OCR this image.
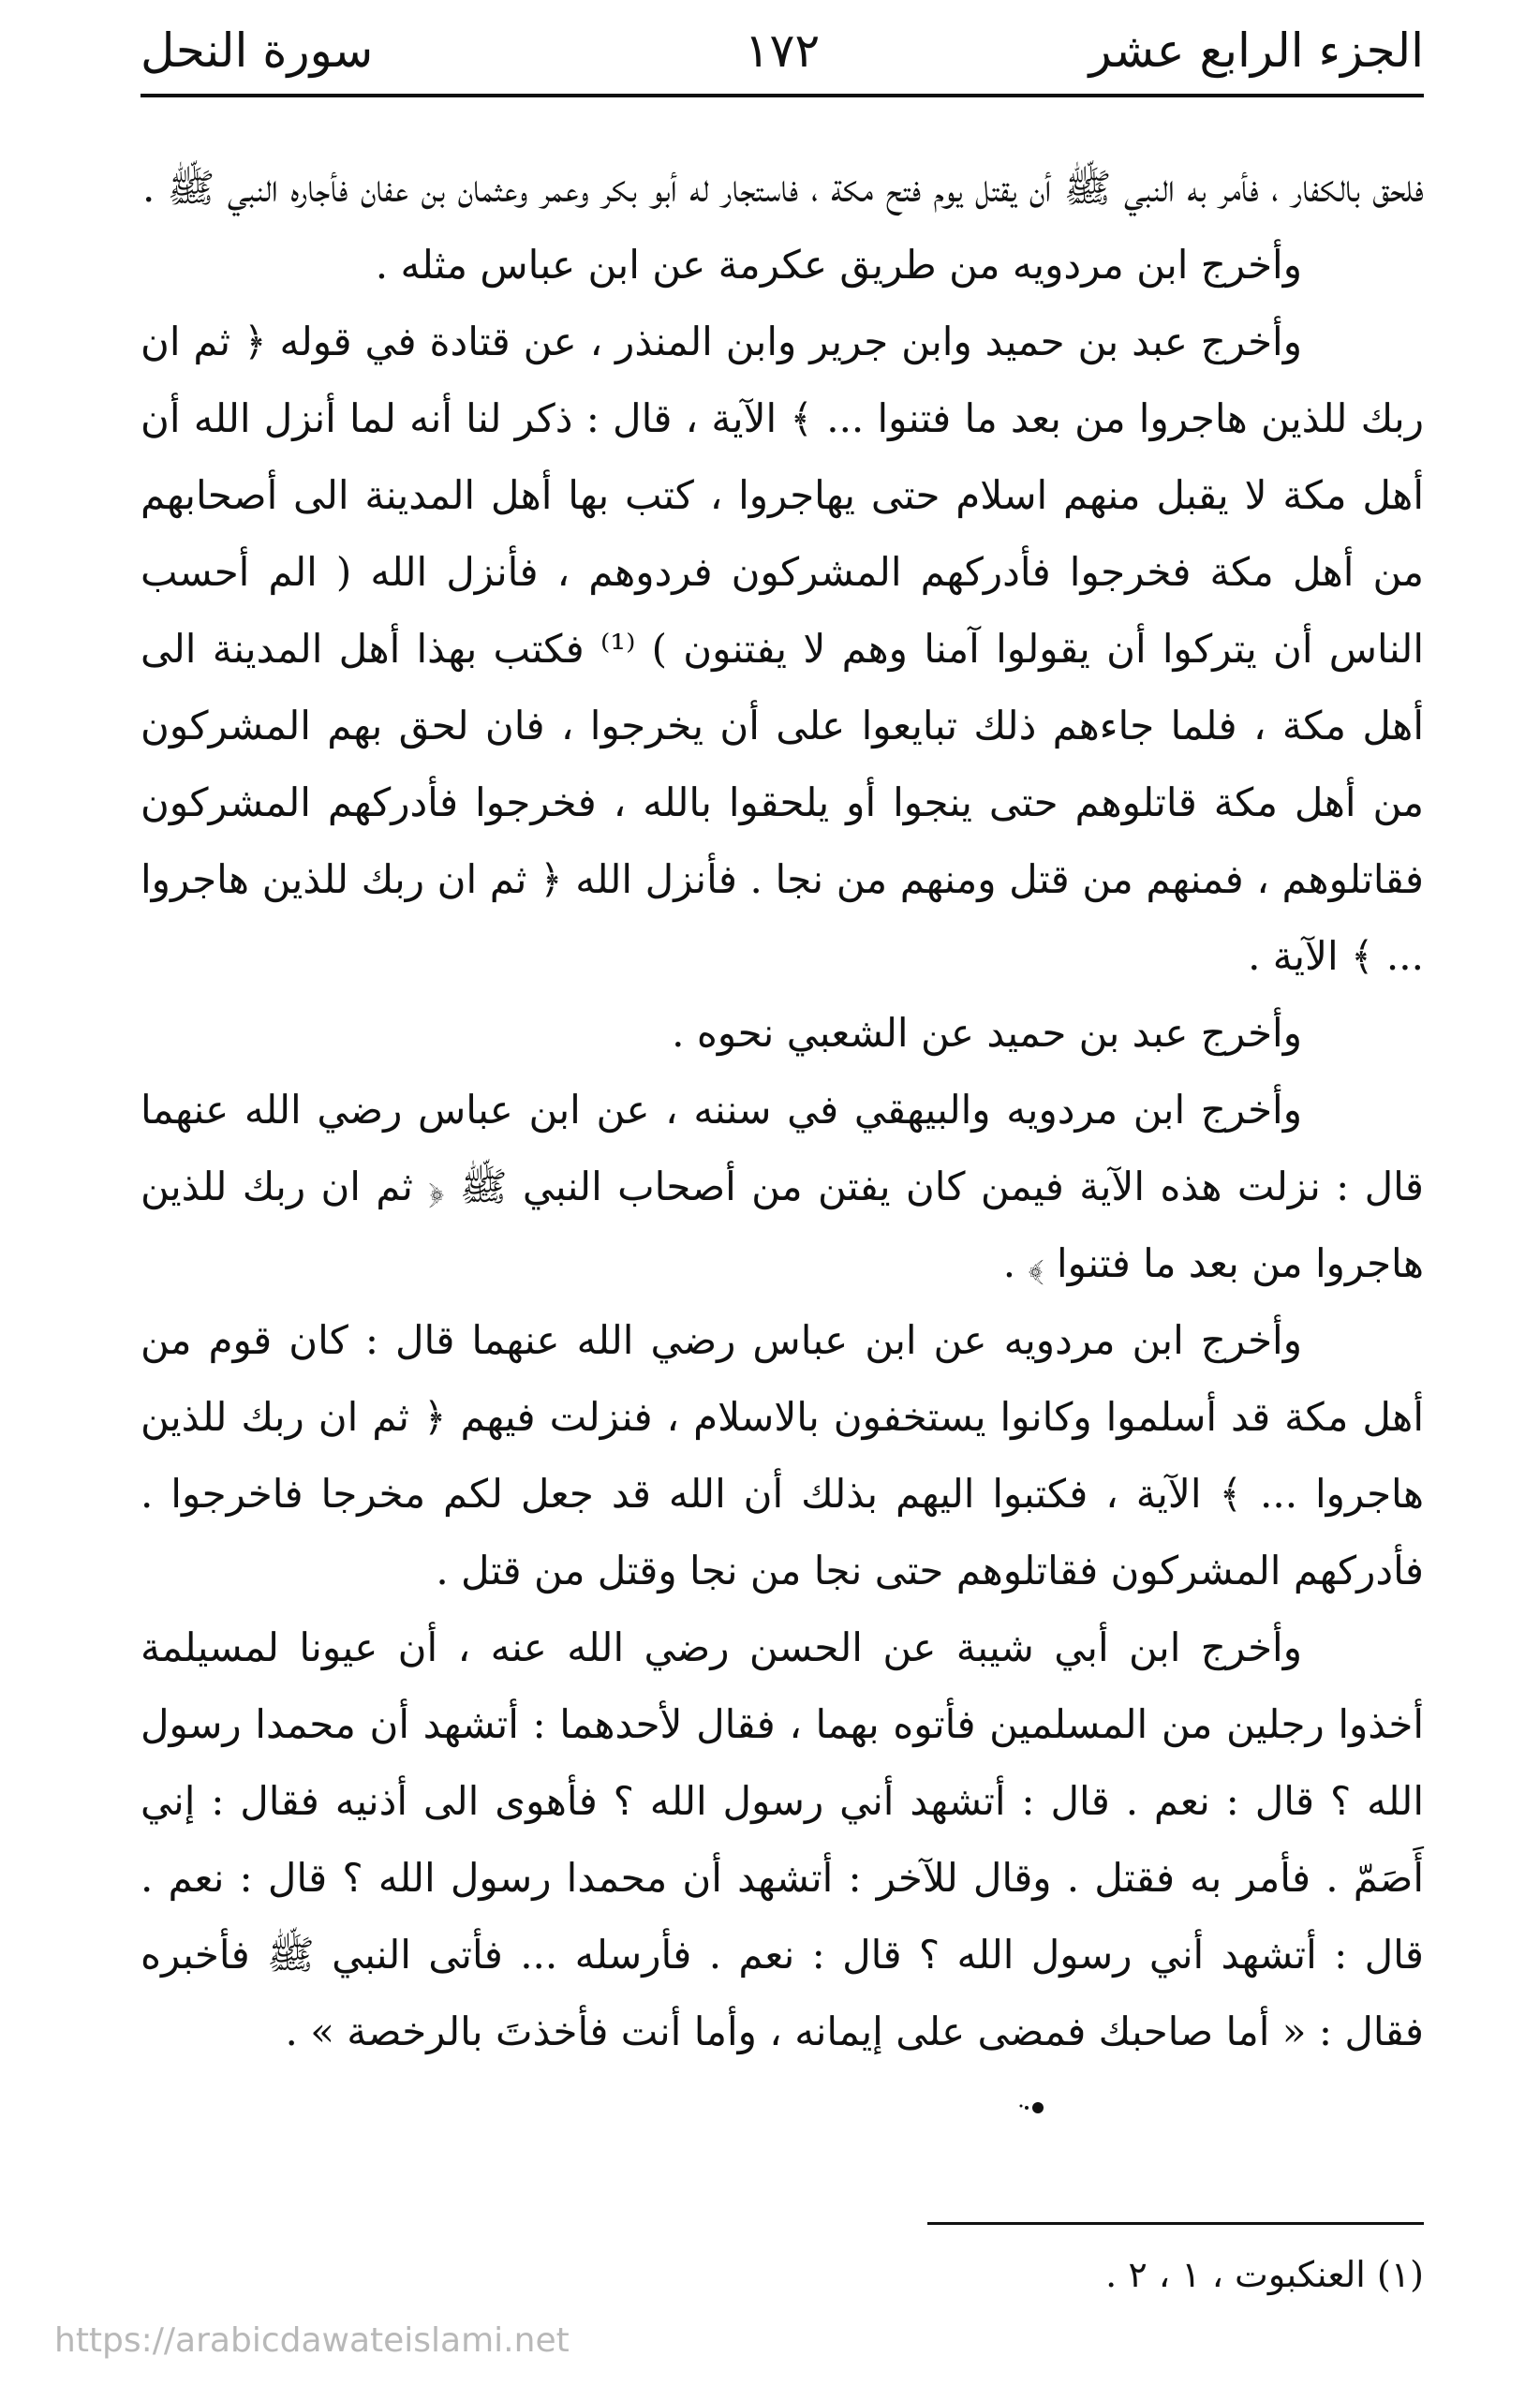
الجزء الرابع عشر
١٧٢
سورة النحل

فلحق بالكفار ، فأمر به النبي ﷺ أن يقتل يوم فتح مكة ، فاستجار له أبو بكر وعمر وعثمان بن عفان فأجاره النبي ﷺ .

وأخرج ابن مردويه من طريق عكرمة عن ابن عباس مثله .

وأخرج عبد بن حميد وابن جرير وابن المنذر ، عن قتادة في قوله ﴿ ثم ان ربك للذين هاجروا من بعد ما فتنوا ... ﴾ الآية ، قال : ذكر لنا أنه لما أنزل الله أن أهل مكة لا يقبل منهم اسلام حتى يهاجروا ، كتب بها أهل المدينة الى أصحابهم من أهل مكة فخرجوا فأدركهم المشركون فردوهم ، فأنزل الله ( الم أحسب الناس أن يتركوا أن يقولوا آمنا وهم لا يفتنون ) ⁽¹⁾ فكتب بهذا أهل المدينة الى أهل مكة ، فلما جاءهم ذلك تبايعوا على أن يخرجوا ، فان لحق بهم المشركون من أهل مكة قاتلوهم حتى ينجوا أو يلحقوا بالله ، فخرجوا فأدركهم المشركون فقاتلوهم ، فمنهم من قتل ومنهم من نجا . فأنزل الله ﴿ ثم ان ربك للذين هاجروا ... ﴾ الآية .

وأخرج عبد بن حميد عن الشعبي نحوه .

وأخرج ابن مردويه والبيهقي في سننه ، عن ابن عباس رضي الله عنهما قال : نزلت هذه الآية فيمن كان يفتن من أصحاب النبي ﷺ ﴿ ثم ان ربك للذين هاجروا من بعد ما فتنوا ﴾ .

وأخرج ابن مردويه عن ابن عباس رضي الله عنهما قال : كان قوم من أهل مكة قد أسلموا وكانوا يستخفون بالاسلام ، فنزلت فيهم ﴿ ثم ان ربك للذين هاجروا ... ﴾ الآية ، فكتبوا اليهم بذلك أن الله قد جعل لكم مخرجا فاخرجوا . فأدركهم المشركون فقاتلوهم حتى نجا من نجا وقتل من قتل .

وأخرج ابن أبي شيبة عن الحسن رضي الله عنه ، أن عيونا لمسيلمة أخذوا رجلين من المسلمين فأتوه بهما ، فقال لأحدهما : أتشهد أن محمدا رسول الله ؟ قال : نعم . قال : أتشهد أني رسول الله ؟ فأهوى الى أذنيه فقال : إني أَصَمّ . فأمر به فقتل . وقال للآخر : أتشهد أن محمدا رسول الله ؟ قال : نعم . قال : أتشهد أني رسول الله ؟ قال : نعم . فأرسله ... فأتى النبي ﷺ فأخبره فقال : « أما صاحبك فمضى على إيمانه ، وأما أنت فأخذتَ بالرخصة » .

(١) العنكبوت ، ١ ، ٢ .
https://arabicdawateislami.net
